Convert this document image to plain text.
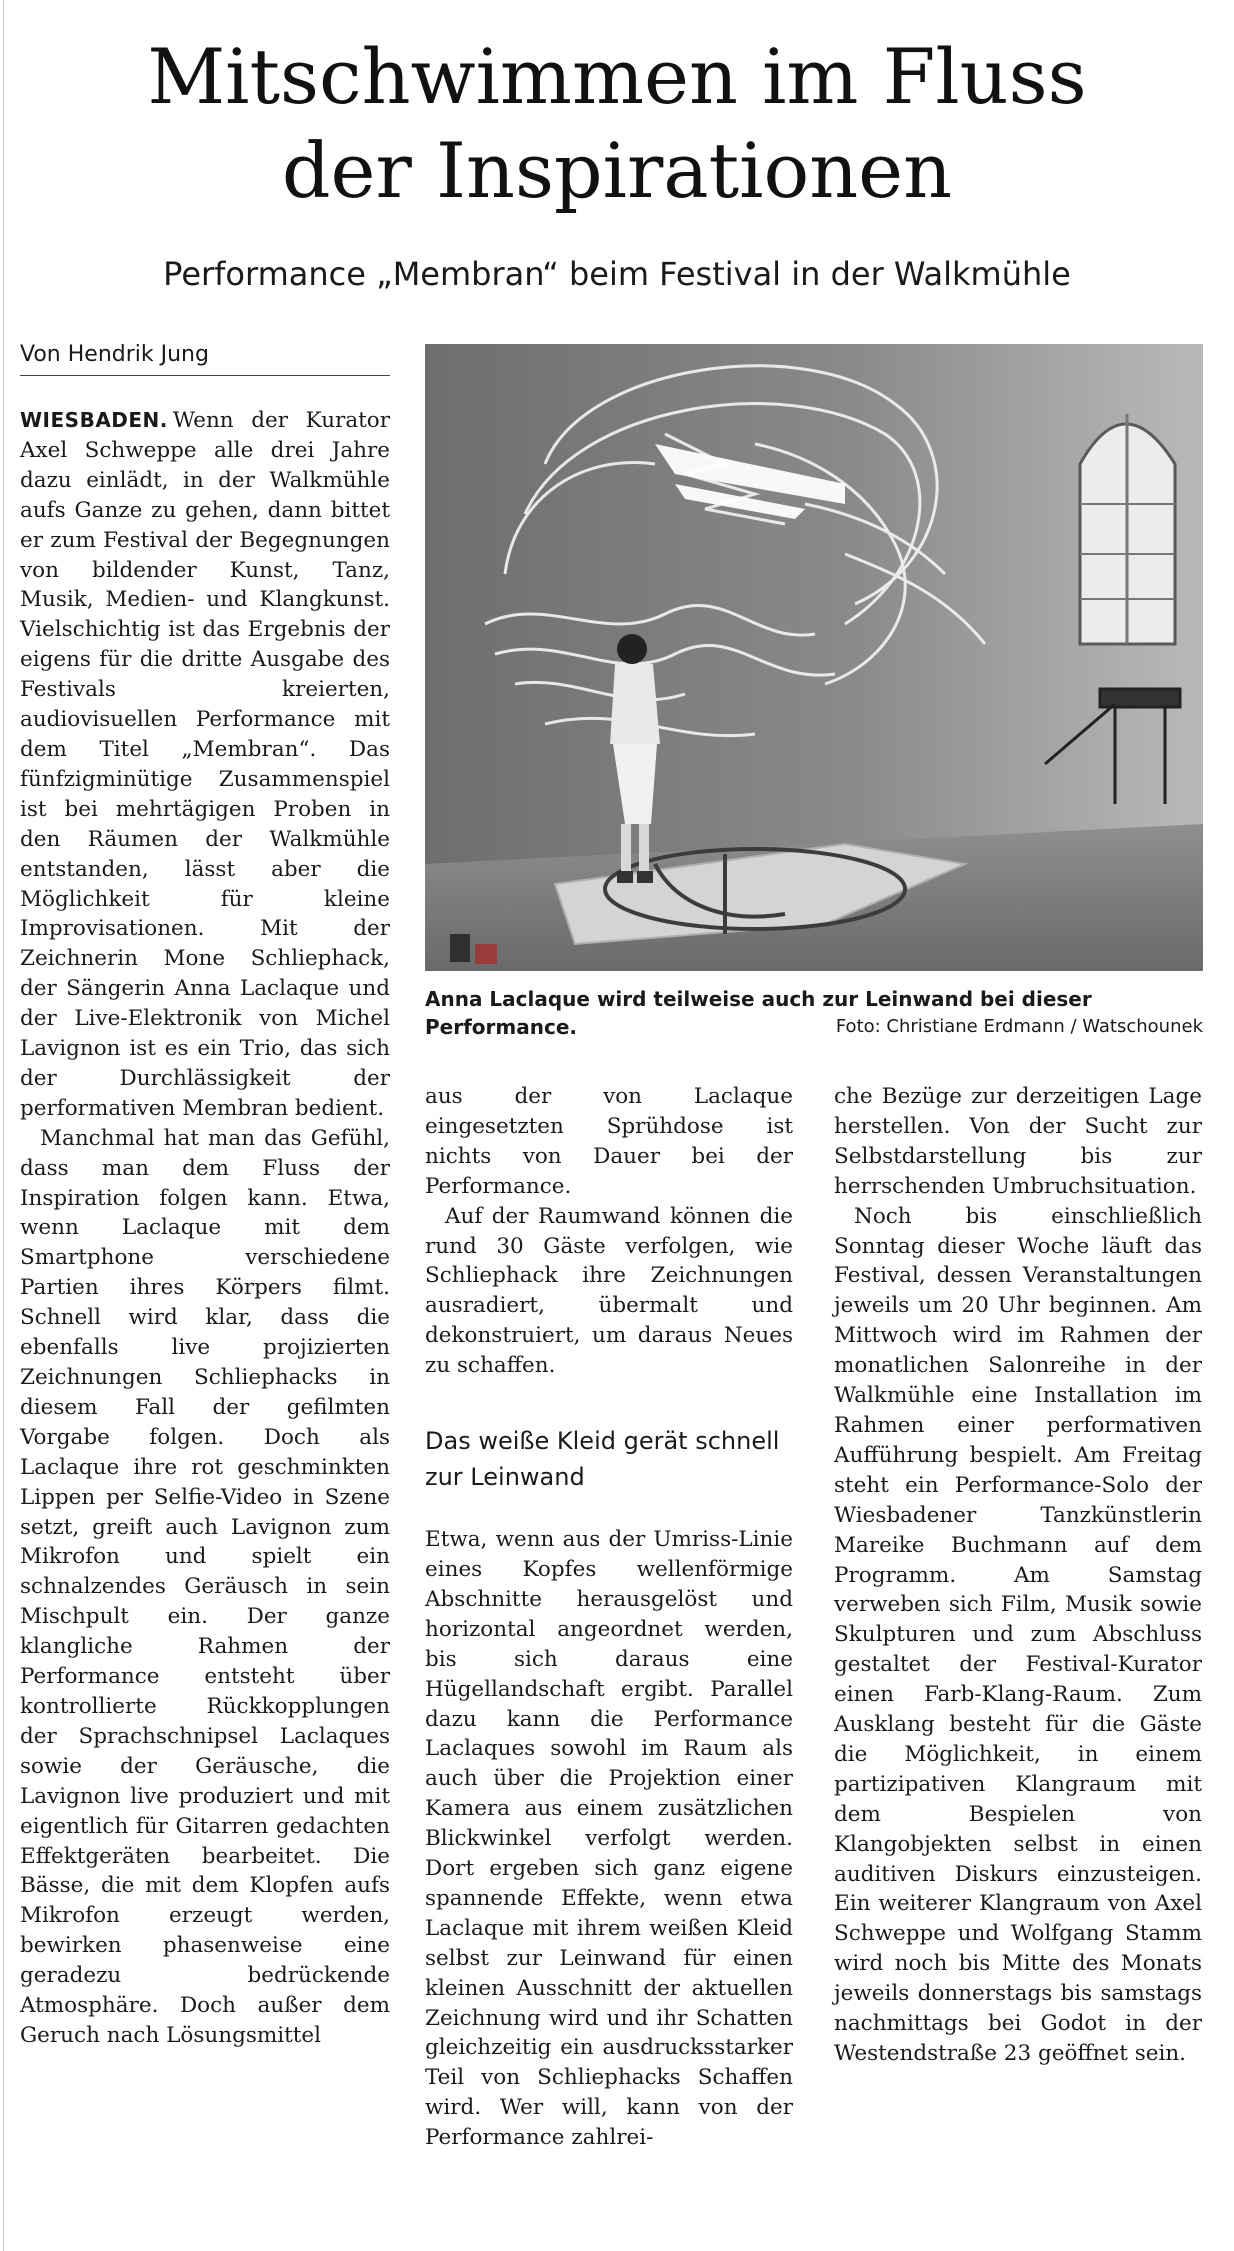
Mitschwimmen im Fluss
der Inspirationen
Performance „Membran“ beim Festival in der Walkmühle
Von Hendrik Jung

WIESBADEN. Wenn der Kurator Axel Schweppe alle drei Jahre dazu einlädt, in der Walkmühle aufs Ganze zu gehen, dann bittet er zum Festival der Begegnungen von bildender Kunst, Tanz, Musik, Medien- und Klangkunst. Vielschichtig ist das Ergebnis der eigens für die dritte Ausgabe des Festivals kreierten, audiovisuellen Performance mit dem Titel „Membran“. Das fünfzigminütige Zusammenspiel ist bei mehrtägigen Proben in den Räumen der Walkmühle entstanden, lässt aber die Möglichkeit für kleine Improvisationen. Mit der Zeichnerin Mone Schliephack, der Sängerin Anna Laclaque und der Live-Elektronik von Michel Lavignon ist es ein Trio, das sich der Durchlässigkeit der performativen Membran bedient.

Manchmal hat man das Gefühl, dass man dem Fluss der Inspiration folgen kann. Etwa, wenn Laclaque mit dem Smartphone verschiedene Partien ihres Körpers filmt. Schnell wird klar, dass die ebenfalls live projizierten Zeichnungen Schliephacks in diesem Fall der gefilmten Vorgabe folgen. Doch als Laclaque ihre rot geschminkten Lippen per Selfie-Video in Szene setzt, greift auch Lavignon zum Mikrofon und spielt ein schnalzendes Geräusch in sein Mischpult ein. Der ganze klangliche Rahmen der Performance entsteht über kontrollierte Rückkopplungen der Sprachschnipsel Laclaques sowie der Geräusche, die Lavignon live produziert und mit eigentlich für Gitarren gedachten Effektgeräten bearbeitet. Die Bässe, die mit dem Klopfen aufs Mikrofon erzeugt werden, bewirken phasenweise eine geradezu bedrückende Atmosphäre. Doch außer dem Geruch nach Lösungsmittel

Anna Laclaque wird teilweise auch zur Leinwand bei dieser Performance.	Foto: Christiane Erdmann / Watschounek

aus der von Laclaque eingesetzten Sprühdose ist nichts von Dauer bei der Performance.

Auf der Raumwand können die rund 30 Gäste verfolgen, wie Schliephack ihre Zeichnungen ausradiert, übermalt und dekonstruiert, um daraus Neues zu schaffen.

Das weiße Kleid gerät schnell zur Leinwand

Etwa, wenn aus der Umriss-Linie eines Kopfes wellenförmige Abschnitte herausgelöst und horizontal angeordnet werden, bis sich daraus eine Hügellandschaft ergibt. Parallel dazu kann die Performance Laclaques sowohl im Raum als auch über die Projektion einer Kamera aus einem zusätzlichen Blickwinkel verfolgt werden. Dort ergeben sich ganz eigene spannende Effekte, wenn etwa Laclaque mit ihrem weißen Kleid selbst zur Leinwand für einen kleinen Ausschnitt der aktuellen Zeichnung wird und ihr Schatten gleichzeitig ein ausdrucksstarker Teil von Schliephacks Schaffen wird. Wer will, kann von der Performance zahlrei-

che Bezüge zur derzeitigen Lage herstellen. Von der Sucht zur Selbstdarstellung bis zur herrschenden Umbruchsituation.

Noch bis einschließlich Sonntag dieser Woche läuft das Festival, dessen Veranstaltungen jeweils um 20 Uhr beginnen. Am Mittwoch wird im Rahmen der monatlichen Salonreihe in der Walkmühle eine Installation im Rahmen einer performativen Aufführung bespielt. Am Freitag steht ein Performance-Solo der Wiesbadener Tanzkünstlerin Mareike Buchmann auf dem Programm. Am Samstag verweben sich Film, Musik sowie Skulpturen und zum Abschluss gestaltet der Festival-Kurator einen Farb-Klang-Raum. Zum Ausklang besteht für die Gäste die Möglichkeit, in einem partizipativen Klangraum mit dem Bespielen von Klangobjekten selbst in einen auditiven Diskurs einzusteigen. Ein weiterer Klangraum von Axel Schweppe und Wolfgang Stamm wird noch bis Mitte des Monats jeweils donnerstags bis samstags nachmittags bei Godot in der Westendstraße 23 geöffnet sein.
